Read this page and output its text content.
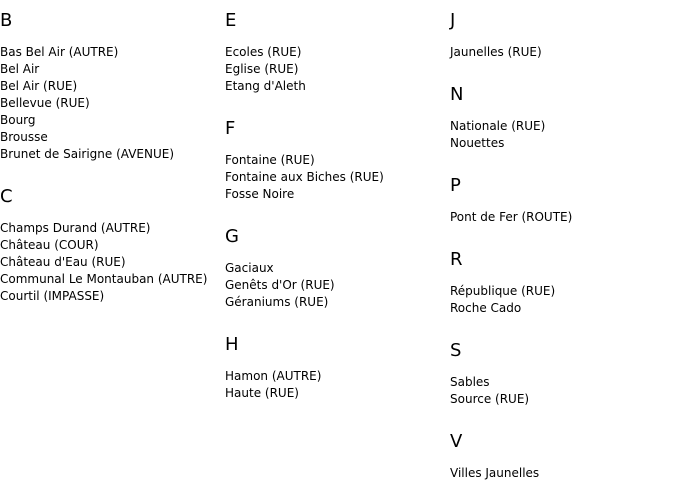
B
Bas Bel Air (AUTRE)
Bel Air
Bel Air (RUE)
Bellevue (RUE)
Bourg
Brousse
Brunet de Sairigne (AVENUE)
C
Champs Durand (AUTRE)
Château (COUR)
Château d'Eau (RUE)
Communal Le Montauban (AUTRE)
Courtil (IMPASSE)
E
Ecoles (RUE)
Eglise (RUE)
Etang d'Aleth
F
Fontaine (RUE)
Fontaine aux Biches (RUE)
Fosse Noire
G
Gaciaux
Genêts d'Or (RUE)
Géraniums (RUE)
H
Hamon (AUTRE)
Haute (RUE)
J
Jaunelles (RUE)
N
Nationale (RUE)
Nouettes
P
Pont de Fer (ROUTE)
R
République (RUE)
Roche Cado
S
Sables
Source (RUE)
V
Villes Jaunelles
